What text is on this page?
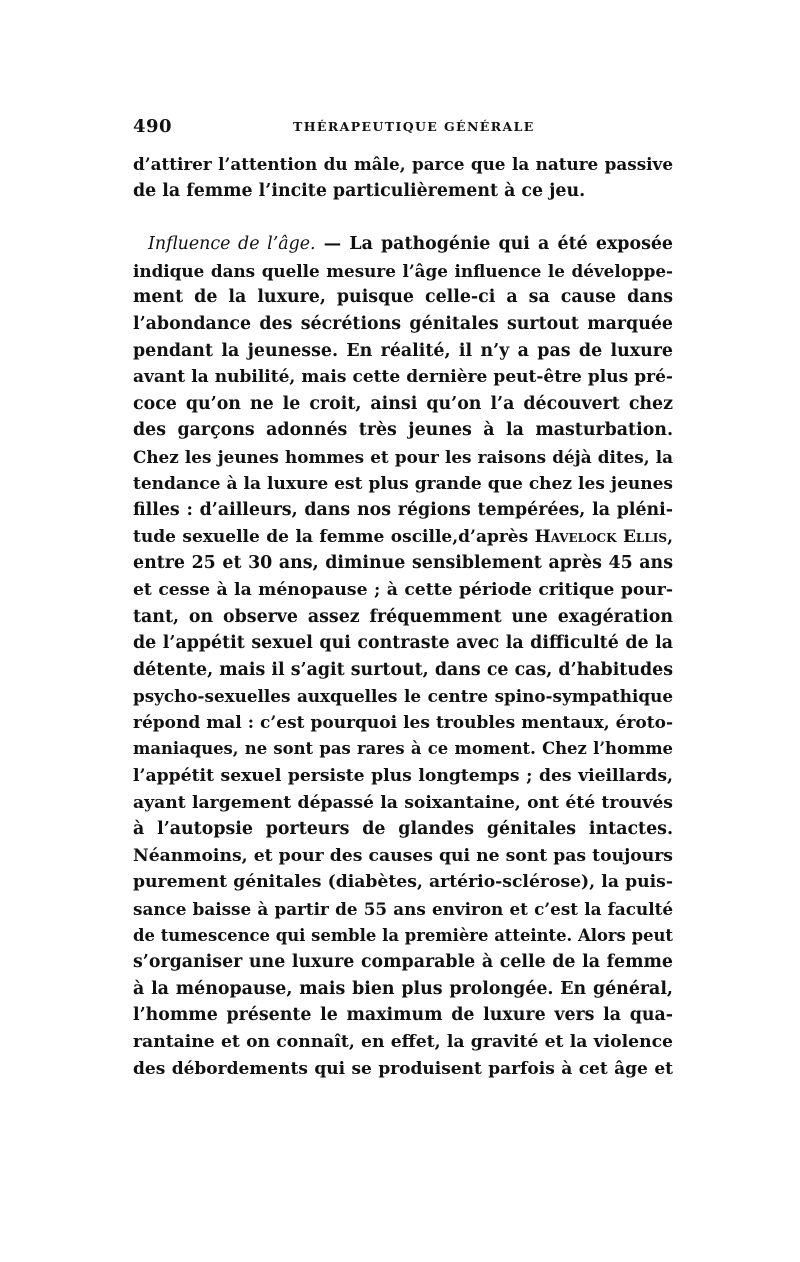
490	THÉRAPEUTIQUE GÉNÉRALE
d’attirer l’attention du mâle, parce que la nature passive
de la femme l’incite particulièrement à ce jeu.
Influence de l’âge. — La pathogénie qui a été exposée
indique dans quelle mesure l’âge influence le développe-
ment de la luxure, puisque celle-ci a sa cause dans
l’abondance des sécrétions génitales surtout marquée
pendant la jeunesse. En réalité, il n’y a pas de luxure
avant la nubilité, mais cette dernière peut-être plus pré-
coce qu’on ne le croit, ainsi qu’on l’a découvert chez
des garçons adonnés très jeunes à la masturbation.
Chez les jeunes hommes et pour les raisons déjà dites, la
tendance à la luxure est plus grande que chez les jeunes
filles : d’ailleurs, dans nos régions tempérées, la pléni-
tude sexuelle de la femme oscille,d’après Havelock Ellis,
entre 25 et 30 ans, diminue sensiblement après 45 ans
et cesse à la ménopause ; à cette période critique pour-
tant, on observe assez fréquemment une exagération
de l’appétit sexuel qui contraste avec la difficulté de la
détente, mais il s’agit surtout, dans ce cas, d’habitudes
psycho-sexuelles auxquelles le centre spino-sympathique
répond mal : c’est pourquoi les troubles mentaux, éroto-
maniaques, ne sont pas rares à ce moment. Chez l’homme
l’appétit sexuel persiste plus longtemps ; des vieillards,
ayant largement dépassé la soixantaine, ont été trouvés
à l’autopsie porteurs de glandes génitales intactes.
Néanmoins, et pour des causes qui ne sont pas toujours
purement génitales (diabètes, artério-sclérose), la puis-
sance baisse à partir de 55 ans environ et c’est la faculté
de tumescence qui semble la première atteinte. Alors peut
s’organiser une luxure comparable à celle de la femme
à la ménopause, mais bien plus prolongée. En général,
l’homme présente le maximum de luxure vers la qua-
rantaine et on connaît, en effet, la gravité et la violence
des débordements qui se produisent parfois à cet âge et
